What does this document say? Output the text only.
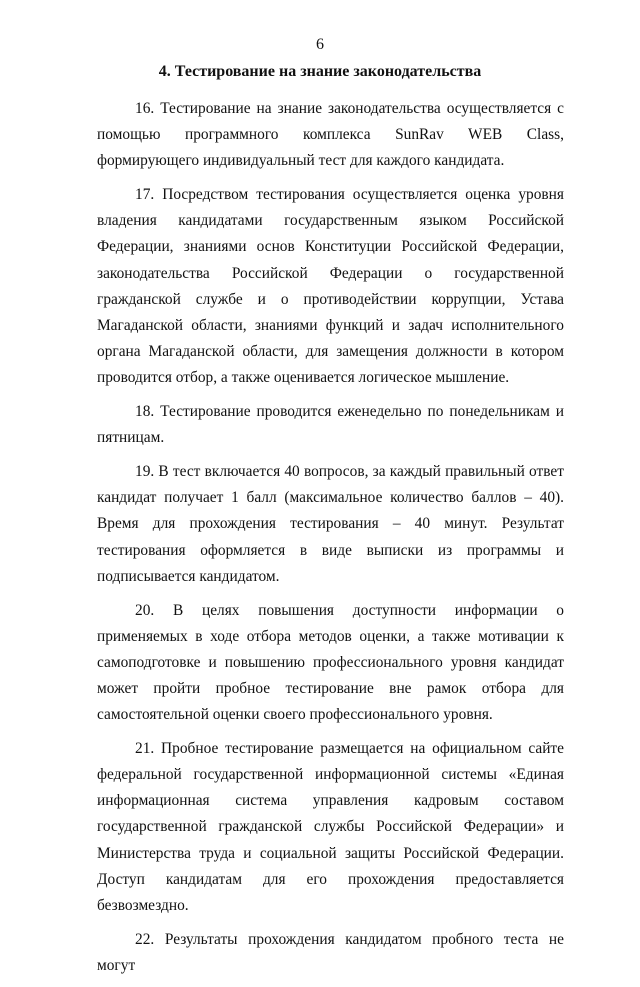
6
4. Тестирование на знание законодательства

16. Тестирование на знание законодательства осуществляется с помощью программного комплекса SunRav WEB Class, формирующего индивидуальный тест для каждого кандидата.

17. Посредством тестирования осуществляется оценка уровня владения кандидатами государственным языком Российской Федерации, знаниями основ Конституции Российской Федерации, законодательства Российской Федерации о государственной гражданской службе и о противодействии коррупции, Устава Магаданской области, знаниями функций и задач исполнительного органа Магаданской области, для замещения должности в котором проводится отбор, а также оценивается логическое мышление.

18. Тестирование проводится еженедельно по понедельникам и пятницам.

19. В тест включается 40 вопросов, за каждый правильный ответ кандидат получает 1 балл (максимальное количество баллов – 40). Время для прохождения тестирования – 40 минут. Результат тестирования оформляется в виде выписки из программы и подписывается кандидатом.

20. В целях повышения доступности информации о применяемых в ходе отбора методов оценки, а также мотивации к самоподготовке и повышению профессионального уровня кандидат может пройти пробное тестирование вне рамок отбора для самостоятельной оценки своего профессионального уровня.

21. Пробное тестирование размещается на официальном сайте федеральной государственной информационной системы «Единая информационная система управления кадровым составом государственной гражданской службы Российской Федерации» и Министерства труда и социальной защиты Российской Федерации. Доступ кандидатам для его прохождения предоставляется безвозмездно.

22. Результаты прохождения кандидатом пробного теста не могут
